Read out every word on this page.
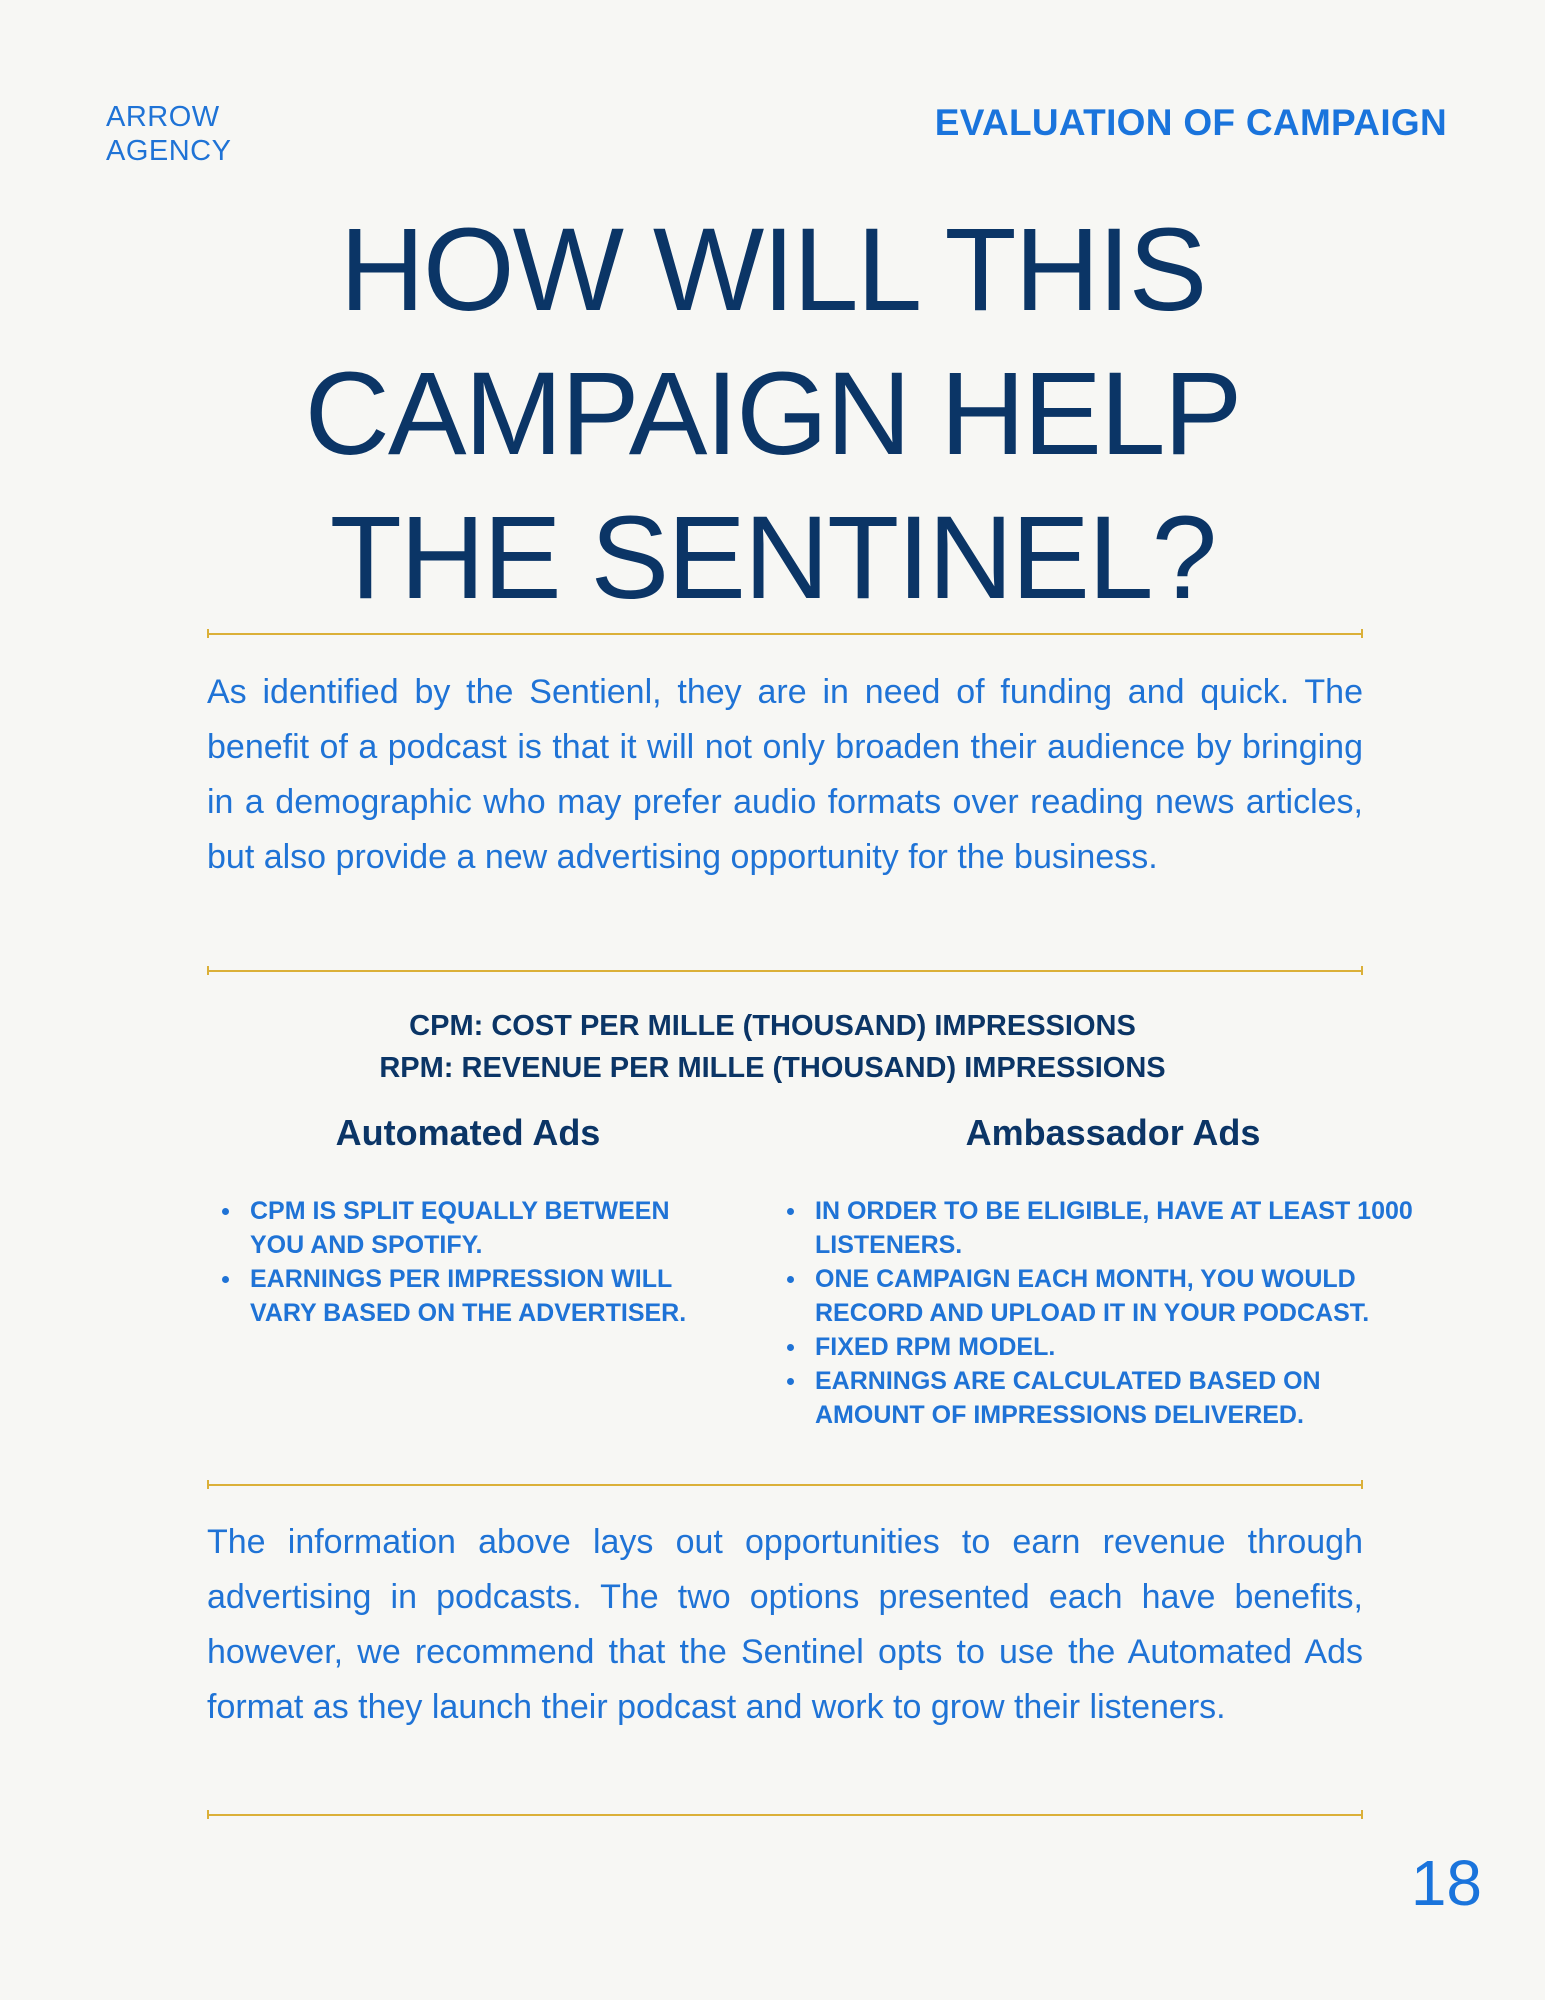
ARROW
AGENCY
EVALUATION OF CAMPAIGN
HOW WILL THIS
CAMPAIGN HELP
THE SENTINEL?

As identified by the Sentienl, they are in need of funding and quick. The benefit of a podcast is that it will not only broaden their audience by bringing in a demographic who may prefer audio formats over reading news articles, but also provide a new advertising opportunity for the business.

CPM: COST PER MILLE (THOUSAND) IMPRESSIONS
RPM: REVENUE PER MILLE (THOUSAND) IMPRESSIONS
Automated Ads	Ambassador Ads
CPM IS SPLIT EQUALLY BETWEEN YOU AND SPOTIFY.
EARNINGS PER IMPRESSION WILL VARY BASED ON THE ADVERTISER.
IN ORDER TO BE ELIGIBLE, HAVE AT LEAST 1000 LISTENERS.
ONE CAMPAIGN EACH MONTH, YOU WOULD RECORD AND UPLOAD IT IN YOUR PODCAST.
FIXED RPM MODEL.
EARNINGS ARE CALCULATED BASED ON AMOUNT OF IMPRESSIONS DELIVERED.

The information above lays out opportunities to earn revenue through advertising in podcasts. The two options presented each have benefits, however, we recommend that the Sentinel opts to use the Automated Ads format as they launch their podcast and work to grow their listeners.

18
